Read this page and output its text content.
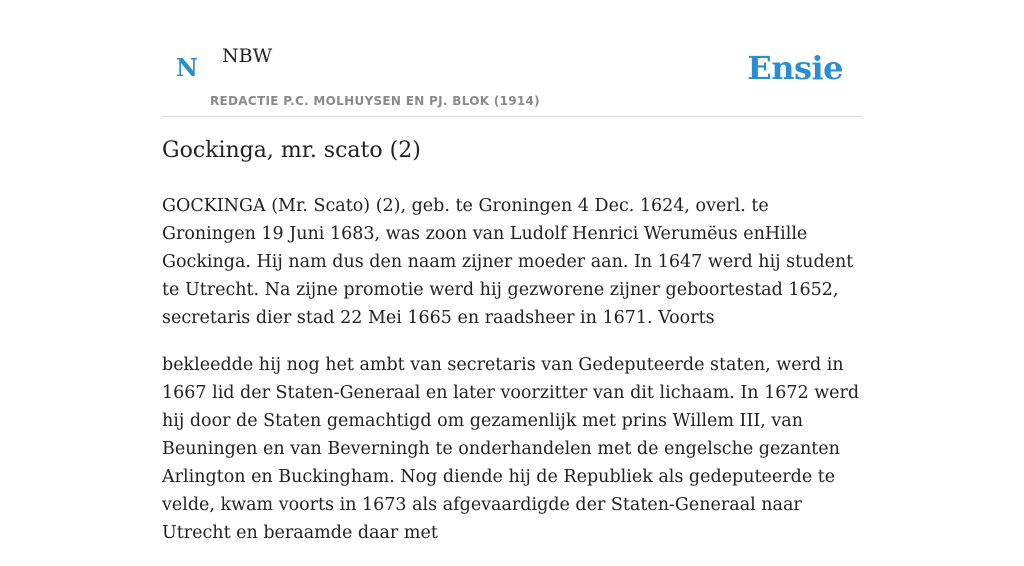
N NBW
REDACTIE P.C. MOLHUYSEN EN PJ. BLOK (1914)
Ensie
Gockinga, mr. scato (2)

GOCKINGA (Mr. Scato) (2), geb. te Groningen 4 Dec. 1624, overl. te Groningen 19 Juni 1683, was zoon van Ludolf Henrici Werumëus enHille Gockinga. Hij nam dus den naam zijner moeder aan. In 1647 werd hij student te Utrecht. Na zijne promotie werd hij gezworene zijner geboortestad 1652, secretaris dier stad 22 Mei 1665 en raadsheer in 1671. Voorts

bekleedde hij nog het ambt van secretaris van Gedeputeerde staten, werd in 1667 lid der Staten-Generaal en later voorzitter van dit lichaam. In 1672 werd hij door de Staten gemachtigd om gezamenlijk met prins Willem III, van Beuningen en van Beverningh te onderhandelen met de engelsche gezanten Arlington en Buckingham. Nog diende hij de Republiek als gedeputeerde te velde, kwam voorts in 1673 als afgevaardigde der Staten-Generaal naar Utrecht en beraamde daar met
